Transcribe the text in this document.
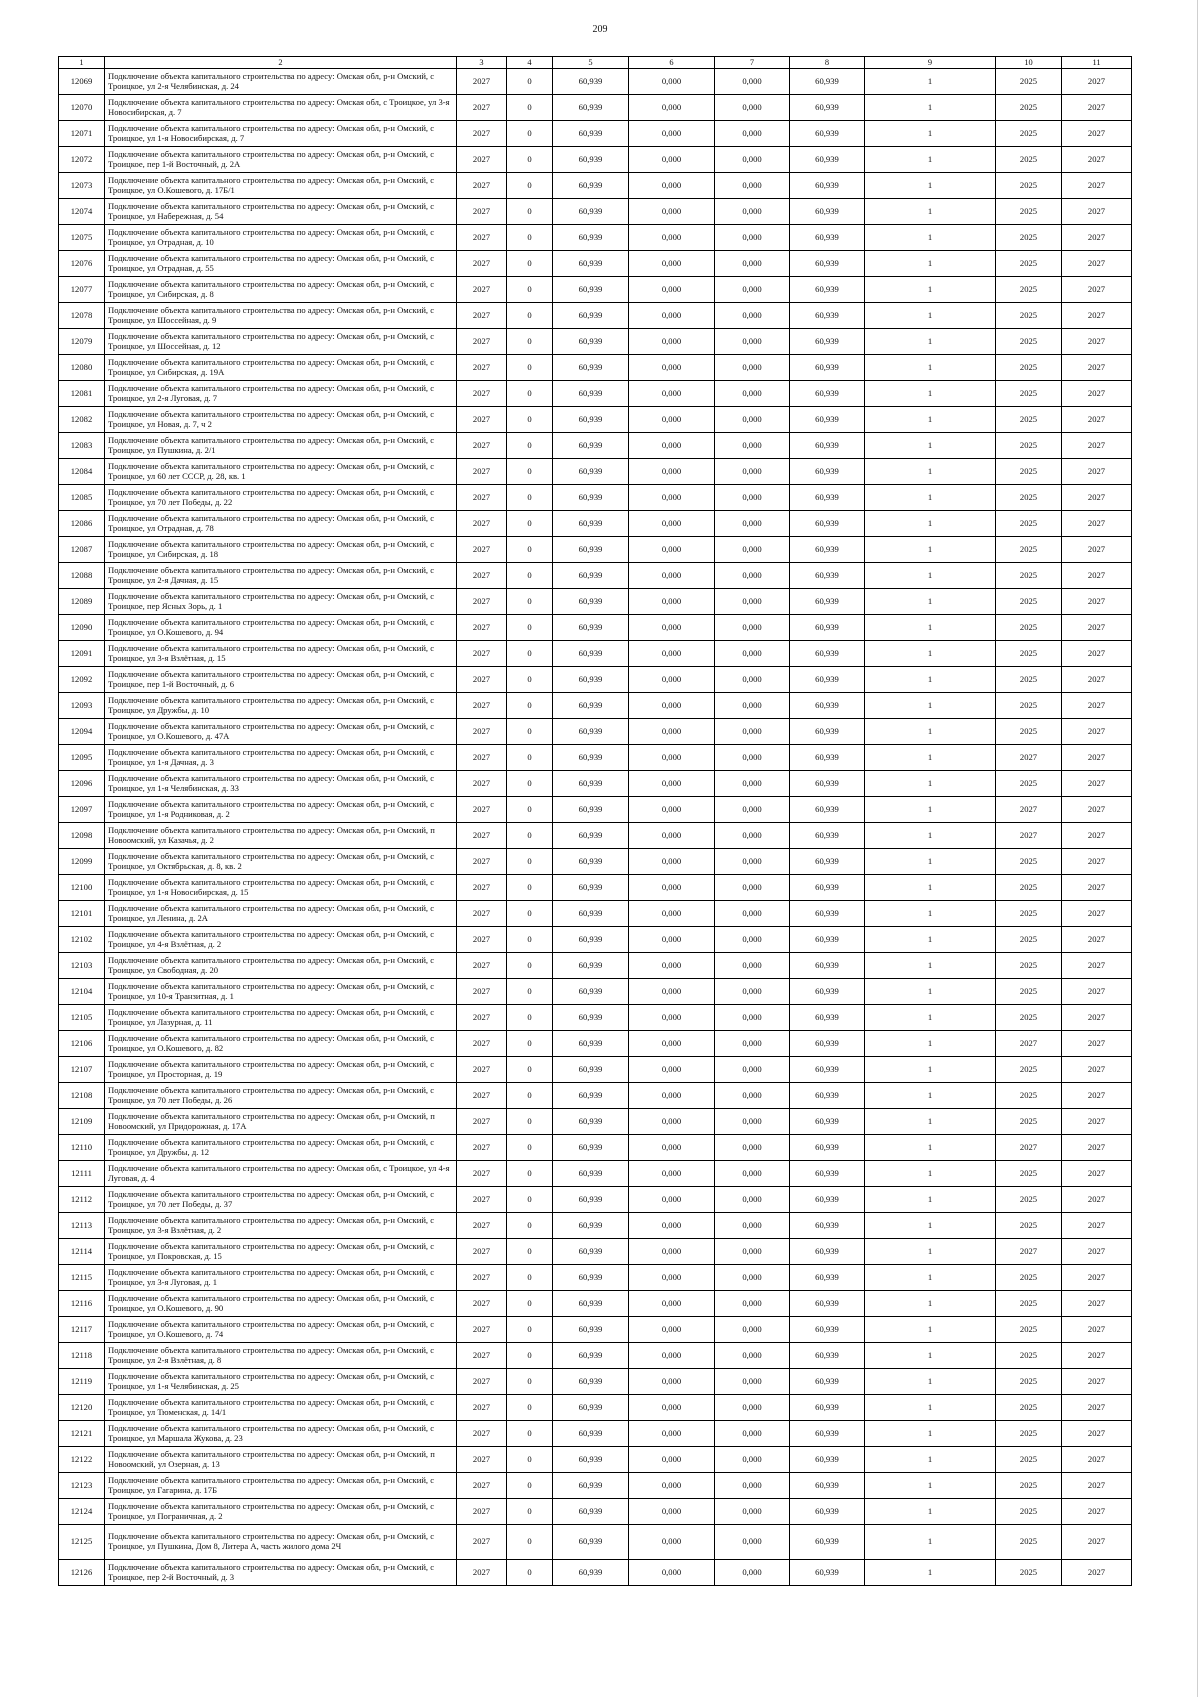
209
1	2	3	4	5	6	7	8	9	10	11
12069	Подключение объекта капитального строительства по адресу: Омская обл, р-н Омский, с Троицкое, ул 2-я Челябинская, д. 24	2027	0	60,939	0,000	0,000	60,939	1	2025	2027
12070	Подключение объекта капитального строительства по адресу: Омская обл, с Троицкое, ул 3-я Новосибирская, д. 7	2027	0	60,939	0,000	0,000	60,939	1	2025	2027
12071	Подключение объекта капитального строительства по адресу: Омская обл, р-н Омский, с Троицкое, ул 1-я Новосибирская, д. 7	2027	0	60,939	0,000	0,000	60,939	1	2025	2027
12072	Подключение объекта капитального строительства по адресу: Омская обл, р-н Омский, с Троицкое, пер 1-й Восточный, д. 2А	2027	0	60,939	0,000	0,000	60,939	1	2025	2027
12073	Подключение объекта капитального строительства по адресу: Омская обл, р-н Омский, с Троицкое, ул О.Кошевого, д. 17Б/1	2027	0	60,939	0,000	0,000	60,939	1	2025	2027
12074	Подключение объекта капитального строительства по адресу: Омская обл, р-н Омский, с Троицкое, ул Набережная, д. 54	2027	0	60,939	0,000	0,000	60,939	1	2025	2027
12075	Подключение объекта капитального строительства по адресу: Омская обл, р-н Омский, с Троицкое, ул Отрадная, д. 10	2027	0	60,939	0,000	0,000	60,939	1	2025	2027
12076	Подключение объекта капитального строительства по адресу: Омская обл, р-н Омский, с Троицкое, ул Отрадная, д. 55	2027	0	60,939	0,000	0,000	60,939	1	2025	2027
12077	Подключение объекта капитального строительства по адресу: Омская обл, р-н Омский, с Троицкое, ул Сибирская, д. 8	2027	0	60,939	0,000	0,000	60,939	1	2025	2027
12078	Подключение объекта капитального строительства по адресу: Омская обл, р-н Омский, с Троицкое, ул Шоссейная, д. 9	2027	0	60,939	0,000	0,000	60,939	1	2025	2027
12079	Подключение объекта капитального строительства по адресу: Омская обл, р-н Омский, с Троицкое, ул Шоссейная, д. 12	2027	0	60,939	0,000	0,000	60,939	1	2025	2027
12080	Подключение объекта капитального строительства по адресу: Омская обл, р-н Омский, с Троицкое, ул Сибирская, д. 19А	2027	0	60,939	0,000	0,000	60,939	1	2025	2027
12081	Подключение объекта капитального строительства по адресу: Омская обл, р-н Омский, с Троицкое, ул 2-я Луговая, д. 7	2027	0	60,939	0,000	0,000	60,939	1	2025	2027
12082	Подключение объекта капитального строительства по адресу: Омская обл, р-н Омский, с Троицкое, ул Новая, д. 7, ч 2	2027	0	60,939	0,000	0,000	60,939	1	2025	2027
12083	Подключение объекта капитального строительства по адресу: Омская обл, р-н Омский, с Троицкое, ул Пушкина, д. 2/1	2027	0	60,939	0,000	0,000	60,939	1	2025	2027
12084	Подключение объекта капитального строительства по адресу: Омская обл, р-н Омский, с Троицкое, ул 60 лет СССР, д. 28, кв. 1	2027	0	60,939	0,000	0,000	60,939	1	2025	2027
12085	Подключение объекта капитального строительства по адресу: Омская обл, р-н Омский, с Троицкое, ул 70 лет Победы, д. 22	2027	0	60,939	0,000	0,000	60,939	1	2025	2027
12086	Подключение объекта капитального строительства по адресу: Омская обл, р-н Омский, с Троицкое, ул Отрадная, д. 78	2027	0	60,939	0,000	0,000	60,939	1	2025	2027
12087	Подключение объекта капитального строительства по адресу: Омская обл, р-н Омский, с Троицкое, ул Сибирская, д. 18	2027	0	60,939	0,000	0,000	60,939	1	2025	2027
12088	Подключение объекта капитального строительства по адресу: Омская обл, р-н Омский, с Троицкое, ул 2-я Дачная, д. 15	2027	0	60,939	0,000	0,000	60,939	1	2025	2027
12089	Подключение объекта капитального строительства по адресу: Омская обл, р-н Омский, с Троицкое, пер Ясных Зорь, д. 1	2027	0	60,939	0,000	0,000	60,939	1	2025	2027
12090	Подключение объекта капитального строительства по адресу: Омская обл, р-н Омский, с Троицкое, ул О.Кошевого, д. 94	2027	0	60,939	0,000	0,000	60,939	1	2025	2027
12091	Подключение объекта капитального строительства по адресу: Омская обл, р-н Омский, с Троицкое, ул 3-я Взлётная, д. 15	2027	0	60,939	0,000	0,000	60,939	1	2025	2027
12092	Подключение объекта капитального строительства по адресу: Омская обл, р-н Омский, с Троицкое, пер 1-й Восточный, д. 6	2027	0	60,939	0,000	0,000	60,939	1	2025	2027
12093	Подключение объекта капитального строительства по адресу: Омская обл, р-н Омский, с Троицкое, ул Дружбы, д. 10	2027	0	60,939	0,000	0,000	60,939	1	2025	2027
12094	Подключение объекта капитального строительства по адресу: Омская обл, р-н Омский, с Троицкое, ул О.Кошевого, д. 47А	2027	0	60,939	0,000	0,000	60,939	1	2025	2027
12095	Подключение объекта капитального строительства по адресу: Омская обл, р-н Омский, с Троицкое, ул 1-я Дачная, д. 3	2027	0	60,939	0,000	0,000	60,939	1	2027	2027
12096	Подключение объекта капитального строительства по адресу: Омская обл, р-н Омский, с Троицкое, ул 1-я Челябинская, д. 33	2027	0	60,939	0,000	0,000	60,939	1	2025	2027
12097	Подключение объекта капитального строительства по адресу: Омская обл, р-н Омский, с Троицкое, ул 1-я Родниковая, д. 2	2027	0	60,939	0,000	0,000	60,939	1	2027	2027
12098	Подключение объекта капитального строительства по адресу: Омская обл, р-н Омский, п Новоомский, ул Казачья, д. 2	2027	0	60,939	0,000	0,000	60,939	1	2027	2027
12099	Подключение объекта капитального строительства по адресу: Омская обл, р-н Омский, с Троицкое, ул Октябрьская, д. 8, кв. 2	2027	0	60,939	0,000	0,000	60,939	1	2025	2027
12100	Подключение объекта капитального строительства по адресу: Омская обл, р-н Омский, с Троицкое, ул 1-я Новосибирская, д. 15	2027	0	60,939	0,000	0,000	60,939	1	2025	2027
12101	Подключение объекта капитального строительства по адресу: Омская обл, р-н Омский, с Троицкое, ул Ленина, д. 2А	2027	0	60,939	0,000	0,000	60,939	1	2025	2027
12102	Подключение объекта капитального строительства по адресу: Омская обл, р-н Омский, с Троицкое, ул 4-я Взлётная, д. 2	2027	0	60,939	0,000	0,000	60,939	1	2025	2027
12103	Подключение объекта капитального строительства по адресу: Омская обл, р-н Омский, с Троицкое, ул Свободная, д. 20	2027	0	60,939	0,000	0,000	60,939	1	2025	2027
12104	Подключение объекта капитального строительства по адресу: Омская обл, р-н Омский, с Троицкое, ул 10-я Транзитная, д. 1	2027	0	60,939	0,000	0,000	60,939	1	2025	2027
12105	Подключение объекта капитального строительства по адресу: Омская обл, р-н Омский, с Троицкое, ул Лазурная, д. 11	2027	0	60,939	0,000	0,000	60,939	1	2025	2027
12106	Подключение объекта капитального строительства по адресу: Омская обл, р-н Омский, с Троицкое, ул О.Кошевого, д. 82	2027	0	60,939	0,000	0,000	60,939	1	2027	2027
12107	Подключение объекта капитального строительства по адресу: Омская обл, р-н Омский, с Троицкое, ул Просторная, д. 19	2027	0	60,939	0,000	0,000	60,939	1	2025	2027
12108	Подключение объекта капитального строительства по адресу: Омская обл, р-н Омский, с Троицкое, ул 70 лет Победы, д. 26	2027	0	60,939	0,000	0,000	60,939	1	2025	2027
12109	Подключение объекта капитального строительства по адресу: Омская обл, р-н Омский, п Новоомский, ул Придорожная, д. 17А	2027	0	60,939	0,000	0,000	60,939	1	2025	2027
12110	Подключение объекта капитального строительства по адресу: Омская обл, р-н Омский, с Троицкое, ул Дружбы, д. 12	2027	0	60,939	0,000	0,000	60,939	1	2027	2027
12111	Подключение объекта капитального строительства по адресу: Омская обл, с Троицкое, ул 4-я Луговая, д. 4	2027	0	60,939	0,000	0,000	60,939	1	2025	2027
12112	Подключение объекта капитального строительства по адресу: Омская обл, р-н Омский, с Троицкое, ул 70 лет Победы, д. 37	2027	0	60,939	0,000	0,000	60,939	1	2025	2027
12113	Подключение объекта капитального строительства по адресу: Омская обл, р-н Омский, с Троицкое, ул 3-я Взлётная, д. 2	2027	0	60,939	0,000	0,000	60,939	1	2025	2027
12114	Подключение объекта капитального строительства по адресу: Омская обл, р-н Омский, с Троицкое, ул Покровская, д. 15	2027	0	60,939	0,000	0,000	60,939	1	2027	2027
12115	Подключение объекта капитального строительства по адресу: Омская обл, р-н Омский, с Троицкое, ул 3-я Луговая, д. 1	2027	0	60,939	0,000	0,000	60,939	1	2025	2027
12116	Подключение объекта капитального строительства по адресу: Омская обл, р-н Омский, с Троицкое, ул О.Кошевого, д. 90	2027	0	60,939	0,000	0,000	60,939	1	2025	2027
12117	Подключение объекта капитального строительства по адресу: Омская обл, р-н Омский, с Троицкое, ул О.Кошевого, д. 74	2027	0	60,939	0,000	0,000	60,939	1	2025	2027
12118	Подключение объекта капитального строительства по адресу: Омская обл, р-н Омский, с Троицкое, ул 2-я Взлётная, д. 8	2027	0	60,939	0,000	0,000	60,939	1	2025	2027
12119	Подключение объекта капитального строительства по адресу: Омская обл, р-н Омский, с Троицкое, ул 1-я Челябинская, д. 25	2027	0	60,939	0,000	0,000	60,939	1	2025	2027
12120	Подключение объекта капитального строительства по адресу: Омская обл, р-н Омский, с Троицкое, ул Тюменская, д. 14/1	2027	0	60,939	0,000	0,000	60,939	1	2025	2027
12121	Подключение объекта капитального строительства по адресу: Омская обл, р-н Омский, с Троицкое, ул Маршала Жукова, д. 23	2027	0	60,939	0,000	0,000	60,939	1	2025	2027
12122	Подключение объекта капитального строительства по адресу: Омская обл, р-н Омский, п Новоомский, ул Озерная, д. 13	2027	0	60,939	0,000	0,000	60,939	1	2025	2027
12123	Подключение объекта капитального строительства по адресу: Омская обл, р-н Омский, с Троицкое, ул Гагарина, д. 17Б	2027	0	60,939	0,000	0,000	60,939	1	2025	2027
12124	Подключение объекта капитального строительства по адресу: Омская обл, р-н Омский, с Троицкое, ул Пограничная, д. 2	2027	0	60,939	0,000	0,000	60,939	1	2025	2027
12125	Подключение объекта капитального строительства по адресу: Омская обл, р-н Омский, с Троицкое, ул Пушкина, Дом 8, Литера А, часть жилого дома 2Ч	2027	0	60,939	0,000	0,000	60,939	1	2025	2027
12126	Подключение объекта капитального строительства по адресу: Омская обл, р-н Омский, с Троицкое, пер 2-й Восточный, д. 3	2027	0	60,939	0,000	0,000	60,939	1	2025	2027
